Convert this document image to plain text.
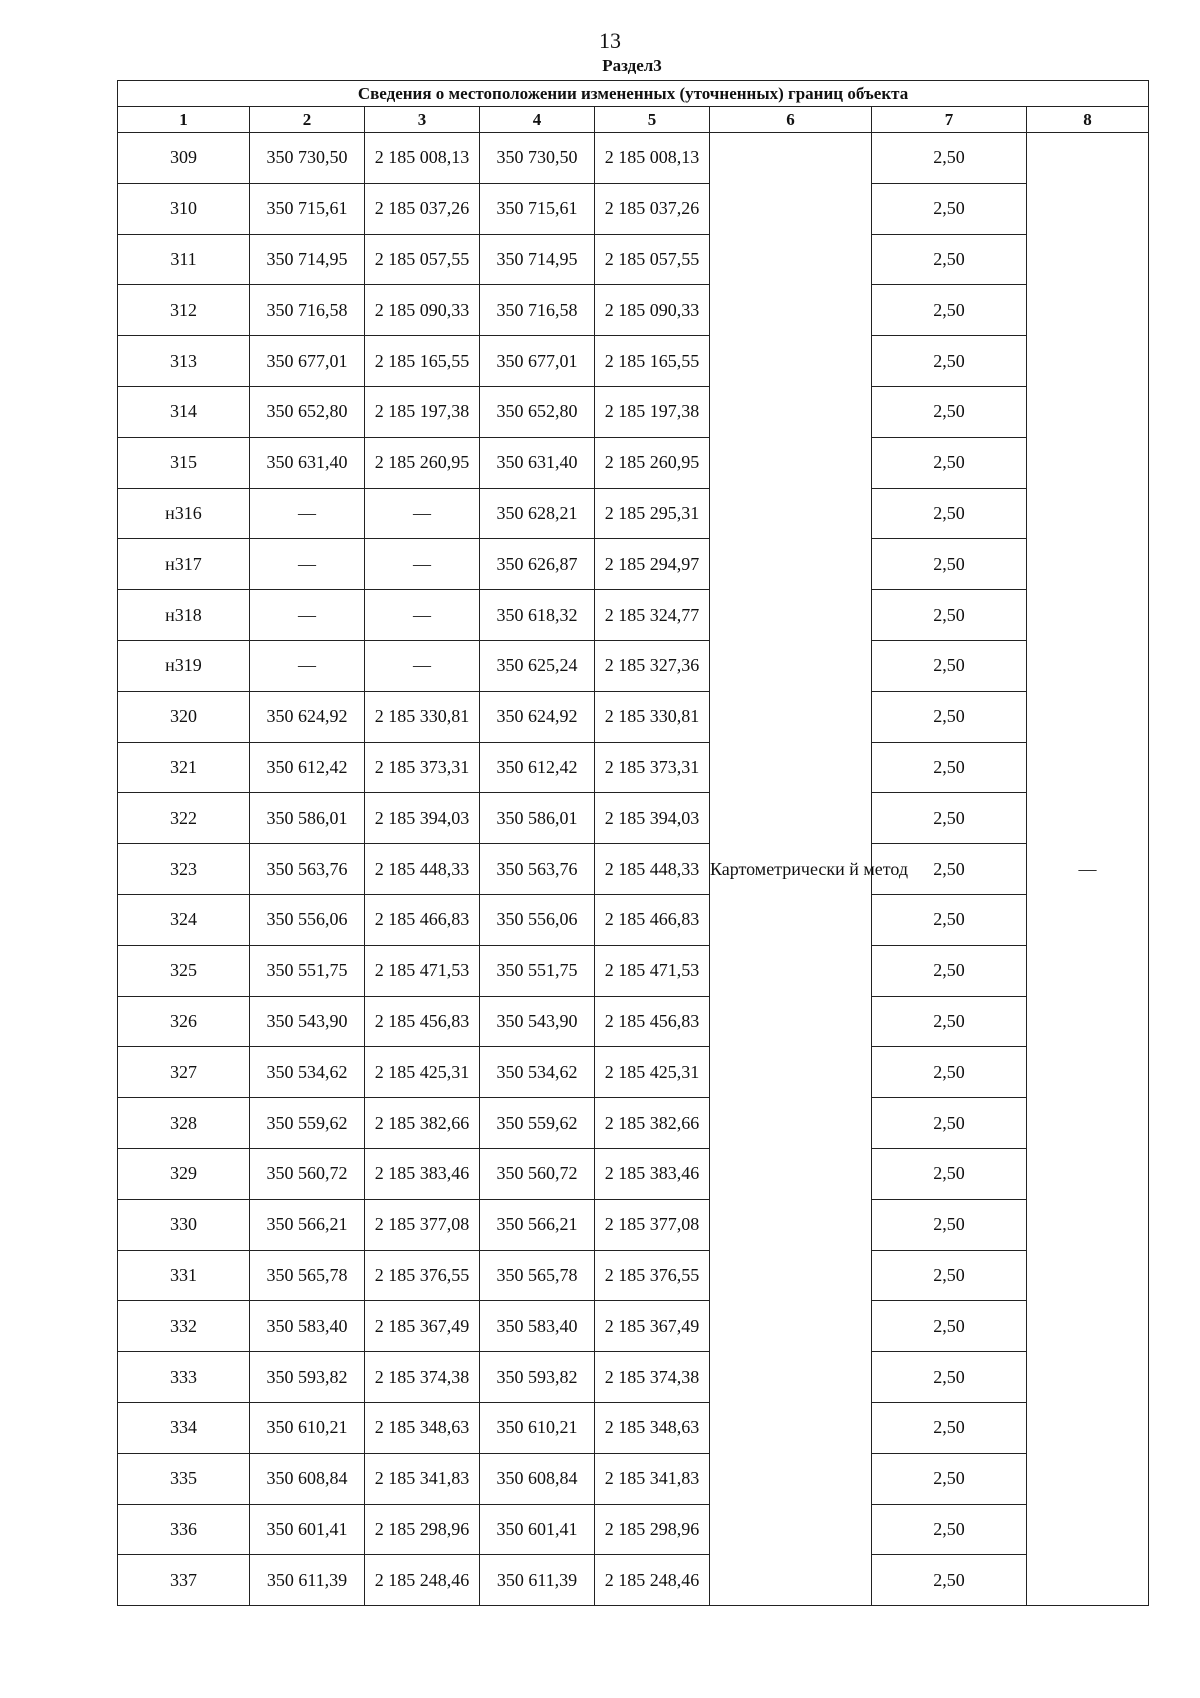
13
Раздел3
Сведения о местоположении измененных (уточненных) границ объекта							
1	2	3	4	5	6	7	8
309	350 730,50	2 185 008,13	350 730,50	2 185 008,13	Картометрически й метод	2,50	—
310	350 715,61	2 185 037,26	350 715,61	2 185 037,26		2,50	
311	350 714,95	2 185 057,55	350 714,95	2 185 057,55		2,50	
312	350 716,58	2 185 090,33	350 716,58	2 185 090,33		2,50	
313	350 677,01	2 185 165,55	350 677,01	2 185 165,55		2,50	
314	350 652,80	2 185 197,38	350 652,80	2 185 197,38		2,50	
315	350 631,40	2 185 260,95	350 631,40	2 185 260,95		2,50	
н316	—	—	350 628,21	2 185 295,31		2,50	
н317	—	—	350 626,87	2 185 294,97		2,50	
н318	—	—	350 618,32	2 185 324,77		2,50	
н319	—	—	350 625,24	2 185 327,36		2,50	
320	350 624,92	2 185 330,81	350 624,92	2 185 330,81		2,50	
321	350 612,42	2 185 373,31	350 612,42	2 185 373,31		2,50	
322	350 586,01	2 185 394,03	350 586,01	2 185 394,03		2,50	
323	350 563,76	2 185 448,33	350 563,76	2 185 448,33		2,50	
324	350 556,06	2 185 466,83	350 556,06	2 185 466,83		2,50	
325	350 551,75	2 185 471,53	350 551,75	2 185 471,53		2,50	
326	350 543,90	2 185 456,83	350 543,90	2 185 456,83		2,50	
327	350 534,62	2 185 425,31	350 534,62	2 185 425,31		2,50	
328	350 559,62	2 185 382,66	350 559,62	2 185 382,66		2,50	
329	350 560,72	2 185 383,46	350 560,72	2 185 383,46		2,50	
330	350 566,21	2 185 377,08	350 566,21	2 185 377,08		2,50	
331	350 565,78	2 185 376,55	350 565,78	2 185 376,55		2,50	
332	350 583,40	2 185 367,49	350 583,40	2 185 367,49		2,50	
333	350 593,82	2 185 374,38	350 593,82	2 185 374,38		2,50	
334	350 610,21	2 185 348,63	350 610,21	2 185 348,63		2,50	
335	350 608,84	2 185 341,83	350 608,84	2 185 341,83		2,50	
336	350 601,41	2 185 298,96	350 601,41	2 185 298,96		2,50	
337	350 611,39	2 185 248,46	350 611,39	2 185 248,46		2,50	
